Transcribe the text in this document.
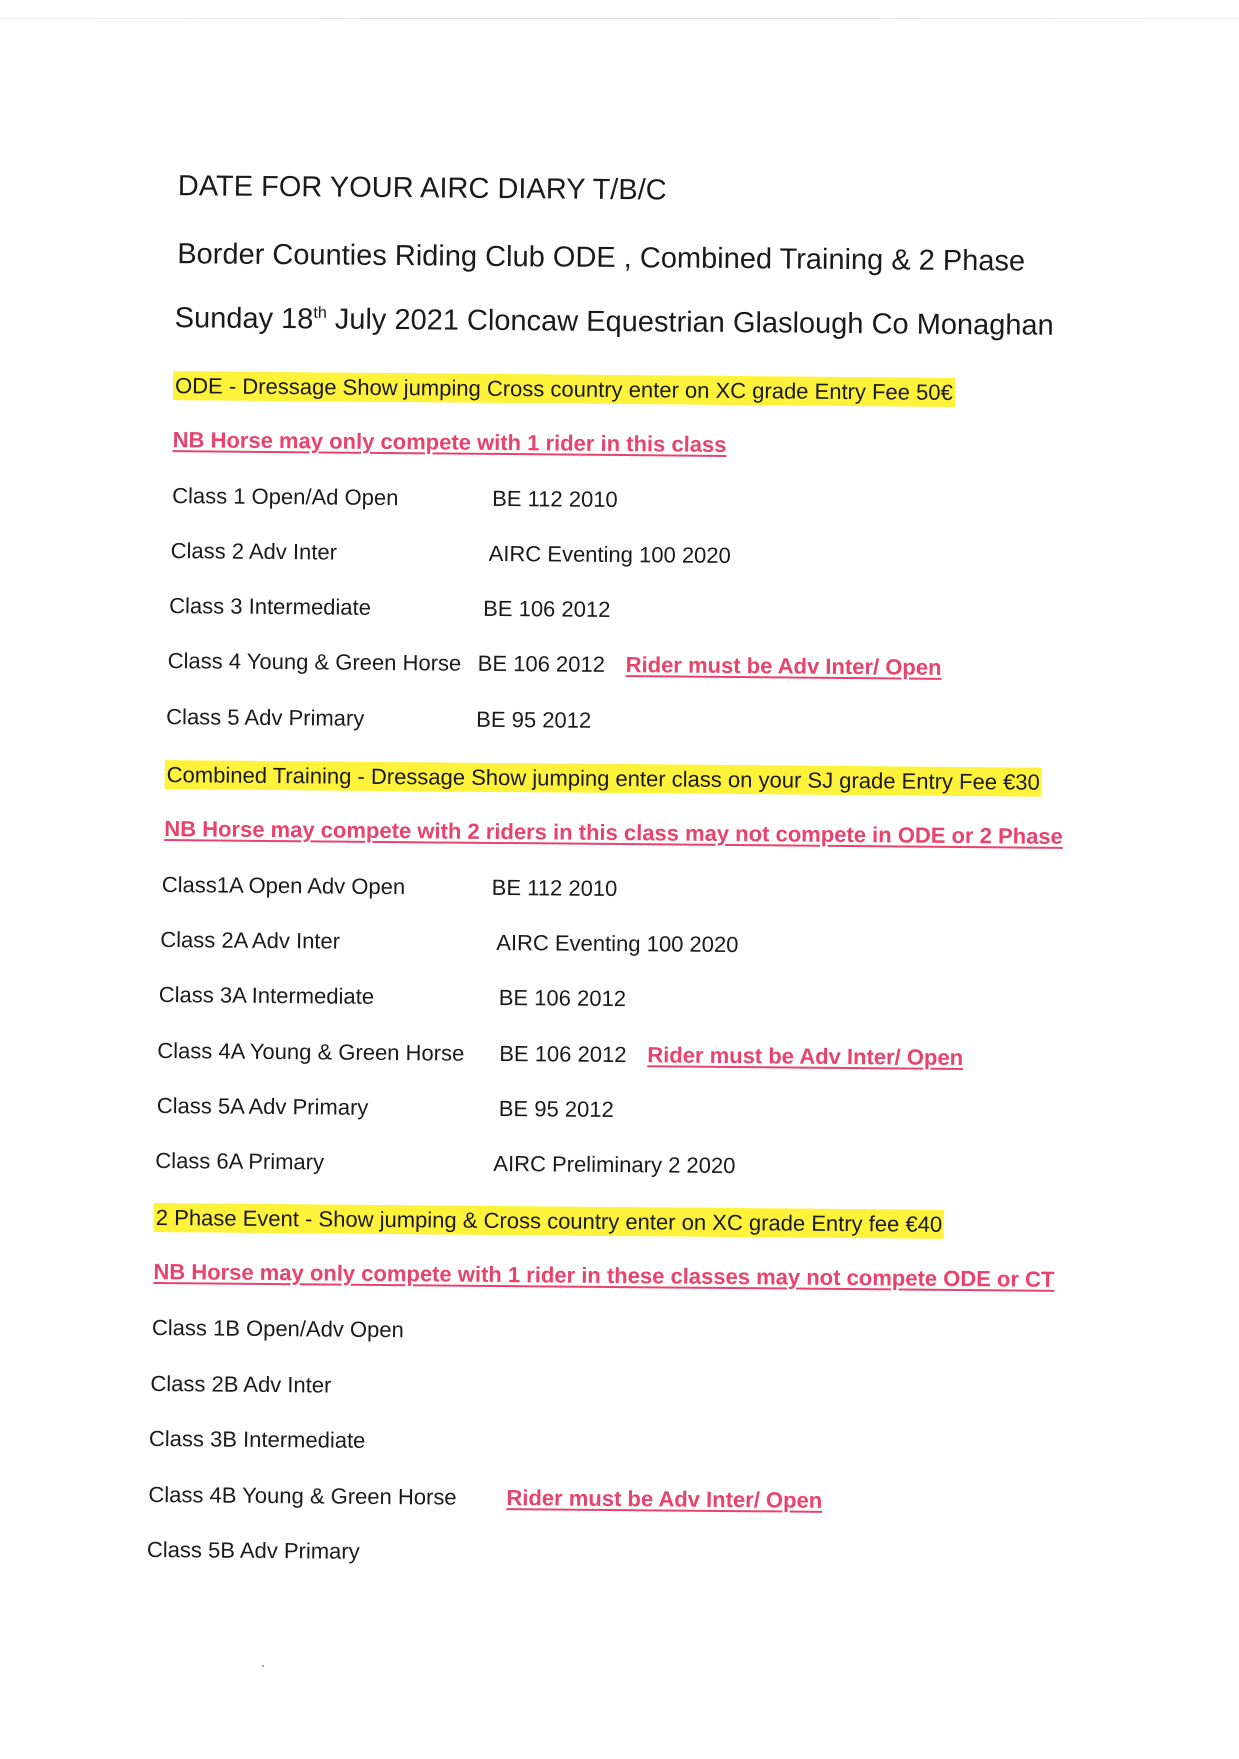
DATE FOR YOUR AIRC DIARY T/B/C
Border Counties Riding Club ODE , Combined Training & 2 Phase
Sunday 18th July 2021 Cloncaw Equestrian Glaslough Co Monaghan
ODE - Dressage Show jumping Cross country enter on XC grade Entry Fee 50€
NB Horse may only compete with 1 rider in this class
Class 1 Open/Ad Open	BE 112 2010
Class 2 Adv Inter	AIRC Eventing 100 2020
Class 3 Intermediate	BE 106 2012
Class 4 Young & Green Horse BE 106 2012 Rider must be Adv Inter/ Open
Class 5 Adv Primary	BE 95 2012
Combined Training - Dressage Show jumping enter class on your SJ grade Entry Fee €30
NB Horse may compete with 2 riders in this class may not compete in ODE or 2 Phase
Class1A Open Adv Open	BE 112 2010
Class 2A Adv Inter	AIRC Eventing 100 2020
Class 3A Intermediate	BE 106 2012
Class 4A Young & Green Horse BE 106 2012 Rider must be Adv Inter/ Open
Class 5A Adv Primary	BE 95 2012
Class 6A Primary	AIRC Preliminary 2 2020
2 Phase Event - Show jumping & Cross country enter on XC grade Entry fee €40
NB Horse may only compete with 1 rider in these classes may not compete ODE or CT
Class 1B Open/Adv Open
Class 2B Adv Inter
Class 3B Intermediate
Class 4B Young & Green Horse Rider must be Adv Inter/ Open
Class 5B Adv Primary
